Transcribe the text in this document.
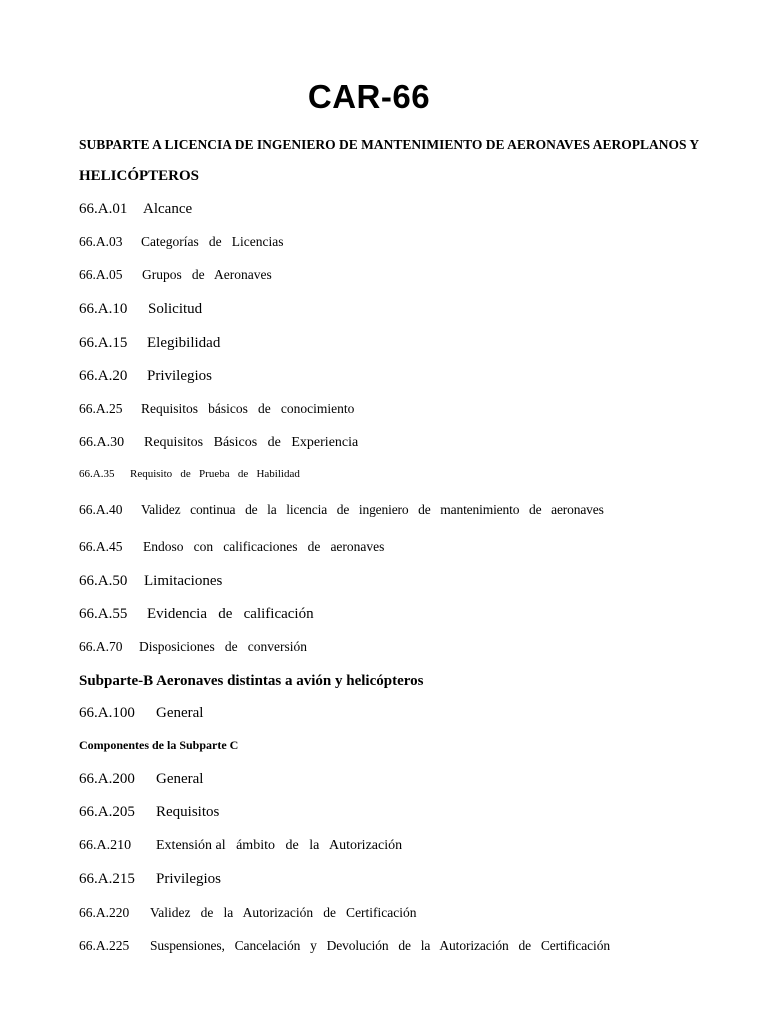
CAR-66
SUBPARTE A LICENCIA DE INGENIERO DE MANTENIMIENTO DE AERONAVES AEROPLANOS Y
HELICÓPTEROS
66.A.01 Alcance
66.A.03 Categorías   de   Licencias
66.A.05 Grupos   de   Aeronaves
66.A.10 Solicitud
66.A.15 Elegibilidad
66.A.20 Privilegios
66.A.25 Requisitos   básicos   de   conocimiento
66.A.30 Requisitos   Básicos   de   Experiencia
66.A.35 Requisito   de   Prueba   de   Habilidad
66.A.40 Validez   continua   de   la   licencia   de   ingeniero   de   mantenimiento   de   aeronaves
66.A.45 Endoso   con   calificaciones   de   aeronaves
66.A.50 Limitaciones
66.A.55 Evidencia   de   calificación
66.A.70 Disposiciones   de   conversión
Subparte-B Aeronaves distintas a avión y helicópteros
66.A.100 General
Componentes de la Subparte C
66.A.200 General
66.A.205 Requisitos
66.A.210 Extensión al   ámbito   de   la   Autorización
66.A.215 Privilegios
66.A.220 Validez   de   la   Autorización   de   Certificación
66.A.225 Suspensiones,   Cancelación   y   Devolución   de   la   Autorización   de   Certificación
